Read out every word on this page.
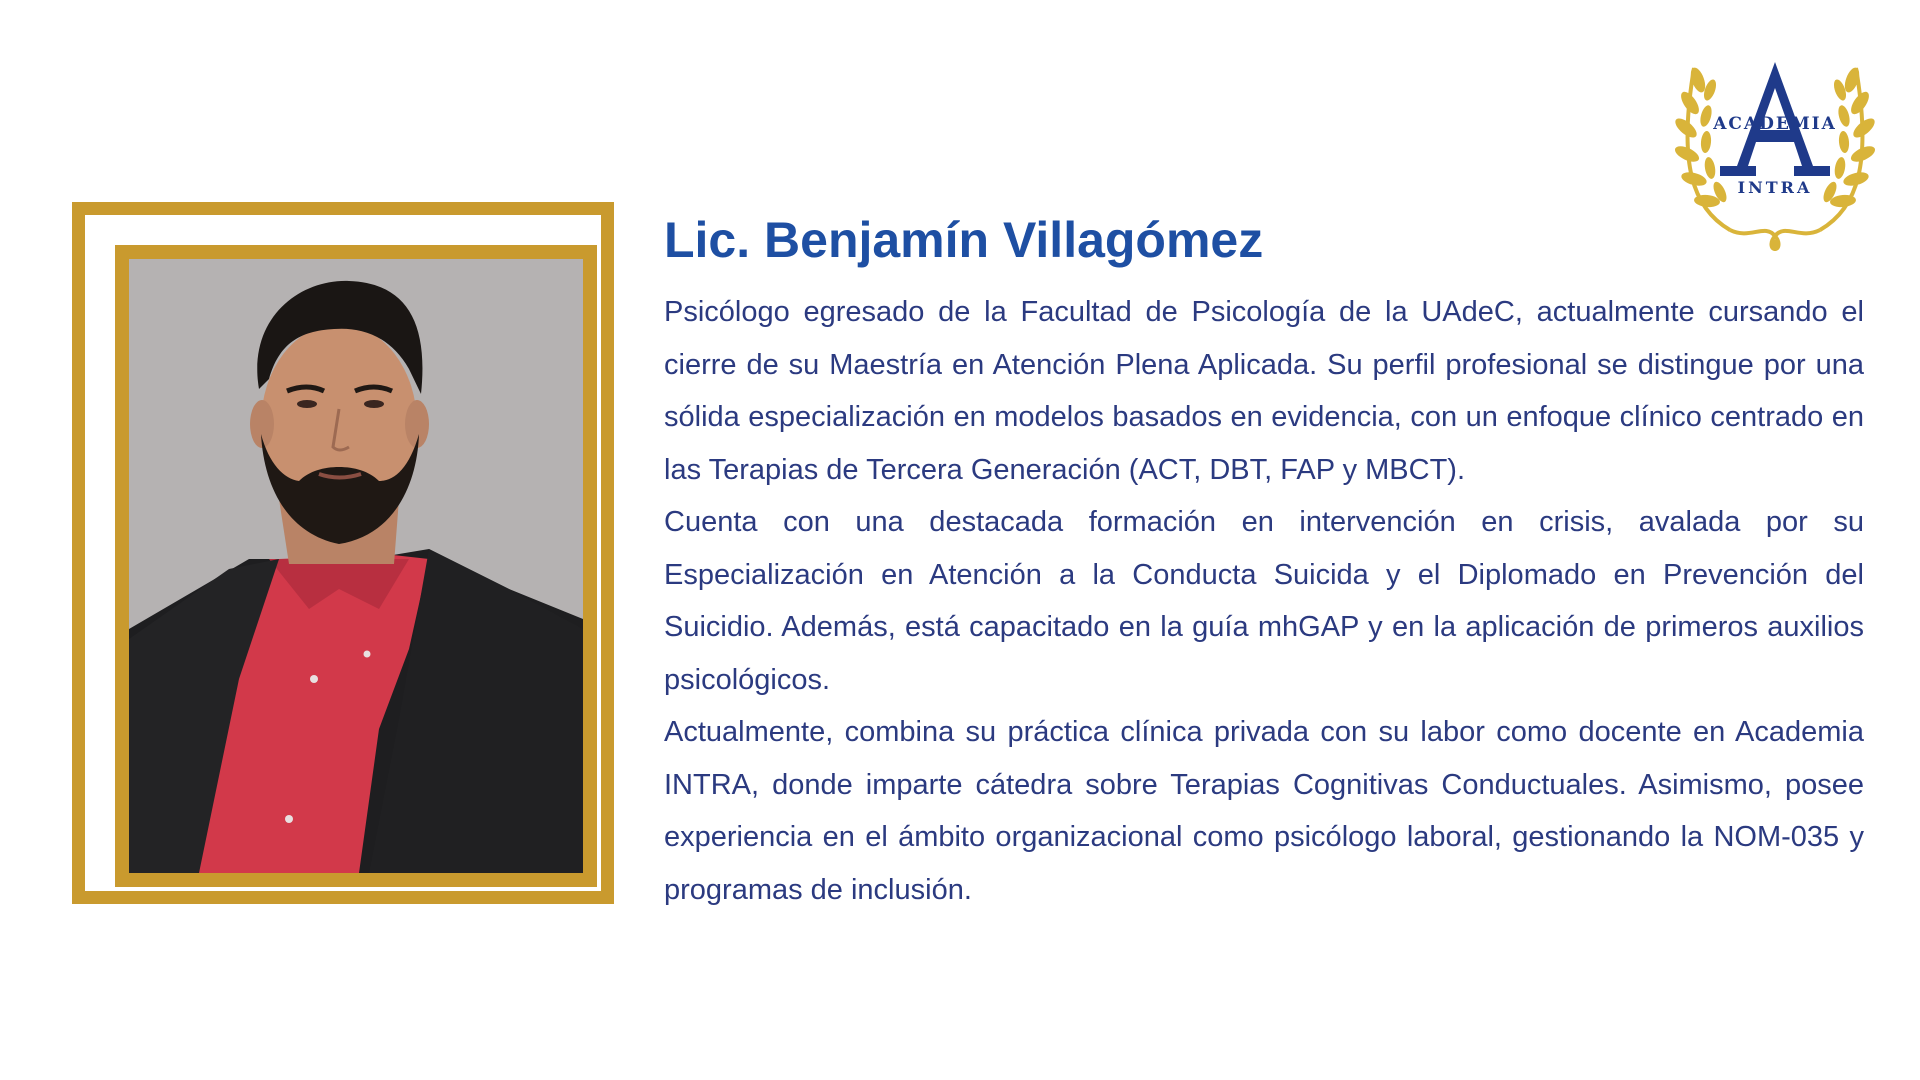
ACADEMIA
INTRA
Lic. Benjamín Villagómez

Psicólogo egresado de la Facultad de Psicología de la UAdeC, actualmente cursando el cierre de su Maestría en Atención Plena Aplicada. Su perfil profesional se distingue por una sólida especialización en modelos basados en evidencia, con un enfoque clínico centrado en las Terapias de Tercera Generación (ACT, DBT, FAP y MBCT).

Cuenta con una destacada formación en intervención en crisis, avalada por su Especialización en Atención a la Conducta Suicida y el Diplomado en Prevención del Suicidio. Además, está capacitado en la guía mhGAP y en la aplicación de primeros auxilios psicológicos.

Actualmente, combina su práctica clínica privada con su labor como docente en Academia INTRA, donde imparte cátedra sobre Terapias Cognitivas Conductuales. Asimismo, posee experiencia en el ámbito organizacional como psicólogo laboral, gestionando la NOM-035 y programas de inclusión.
